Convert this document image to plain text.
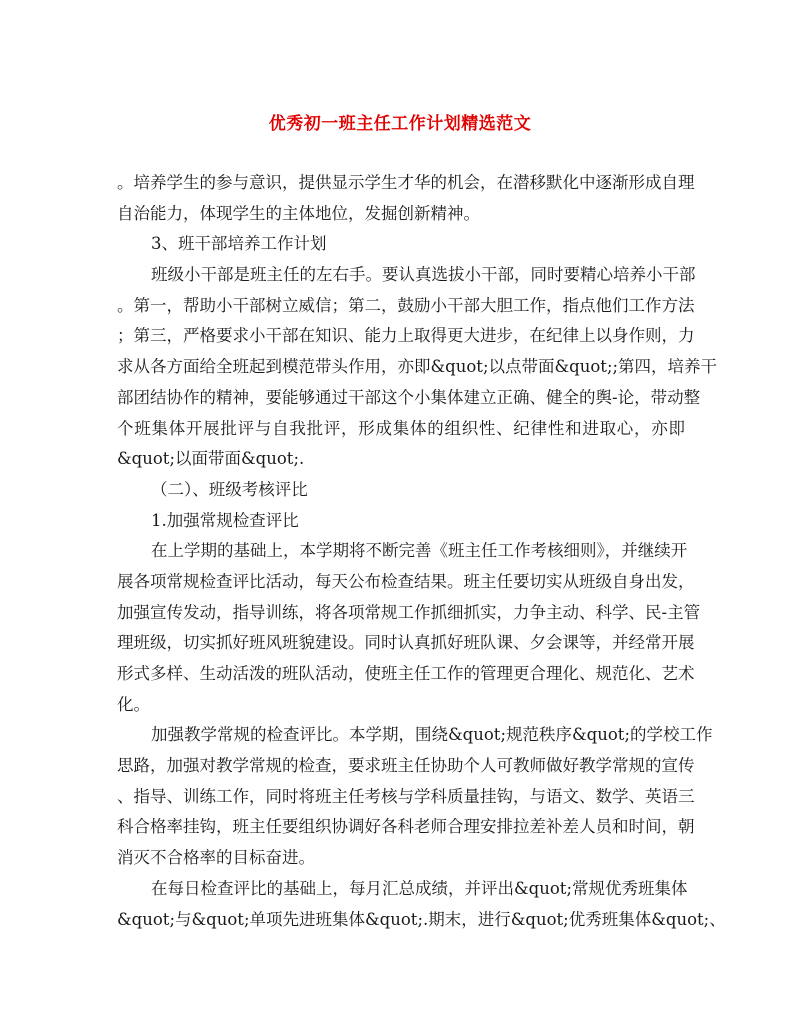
优秀初一班主任工作计划精选范文
。培养学生的参与意识，提供显示学生才华的机会，在潜移默化中逐渐形成自理
自治能力，体现学生的主体地位，发掘创新精神。
3、班干部培养工作计划
班级小干部是班主任的左右手。要认真选拔小干部，同时要精心培养小干部
。第一，帮助小干部树立威信；第二，鼓励小干部大胆工作，指点他们工作方法
；第三，严格要求小干部在知识、能力上取得更大进步，在纪律上以身作则，力
求从各方面给全班起到模范带头作用，亦即&quot;以点带面&quot;;第四，培养干
部团结协作的精神，要能够通过干部这个小集体建立正确、健全的舆-论，带动整
个班集体开展批评与自我批评，形成集体的组织性、纪律性和进取心，亦即
&quot;以面带面&quot;.
（二）、班级考核评比
1.加强常规检查评比
在上学期的基础上，本学期将不断完善《班主任工作考核细则》，并继续开
展各项常规检查评比活动，每天公布检查结果。班主任要切实从班级自身出发，
加强宣传发动，指导训练，将各项常规工作抓细抓实，力争主动、科学、民-主管
理班级，切实抓好班风班貌建设。同时认真抓好班队课、夕会课等，并经常开展
形式多样、生动活泼的班队活动，使班主任工作的管理更合理化、规范化、艺术
化。
加强教学常规的检查评比。本学期，围绕&quot;规范秩序&quot;的学校工作
思路，加强对教学常规的检查，要求班主任协助个人可教师做好教学常规的宣传
、指导、训练工作，同时将班主任考核与学科质量挂钩，与语文、数学、英语三
科合格率挂钩，班主任要组织协调好各科老师合理安排拉差补差人员和时间，朝
消灭不合格率的目标奋进。
在每日检查评比的基础上，每月汇总成绩，并评出&quot;常规优秀班集体
&quot;与&quot;单项先进班集体&quot;.期末，进行&quot;优秀班集体&quot;、
